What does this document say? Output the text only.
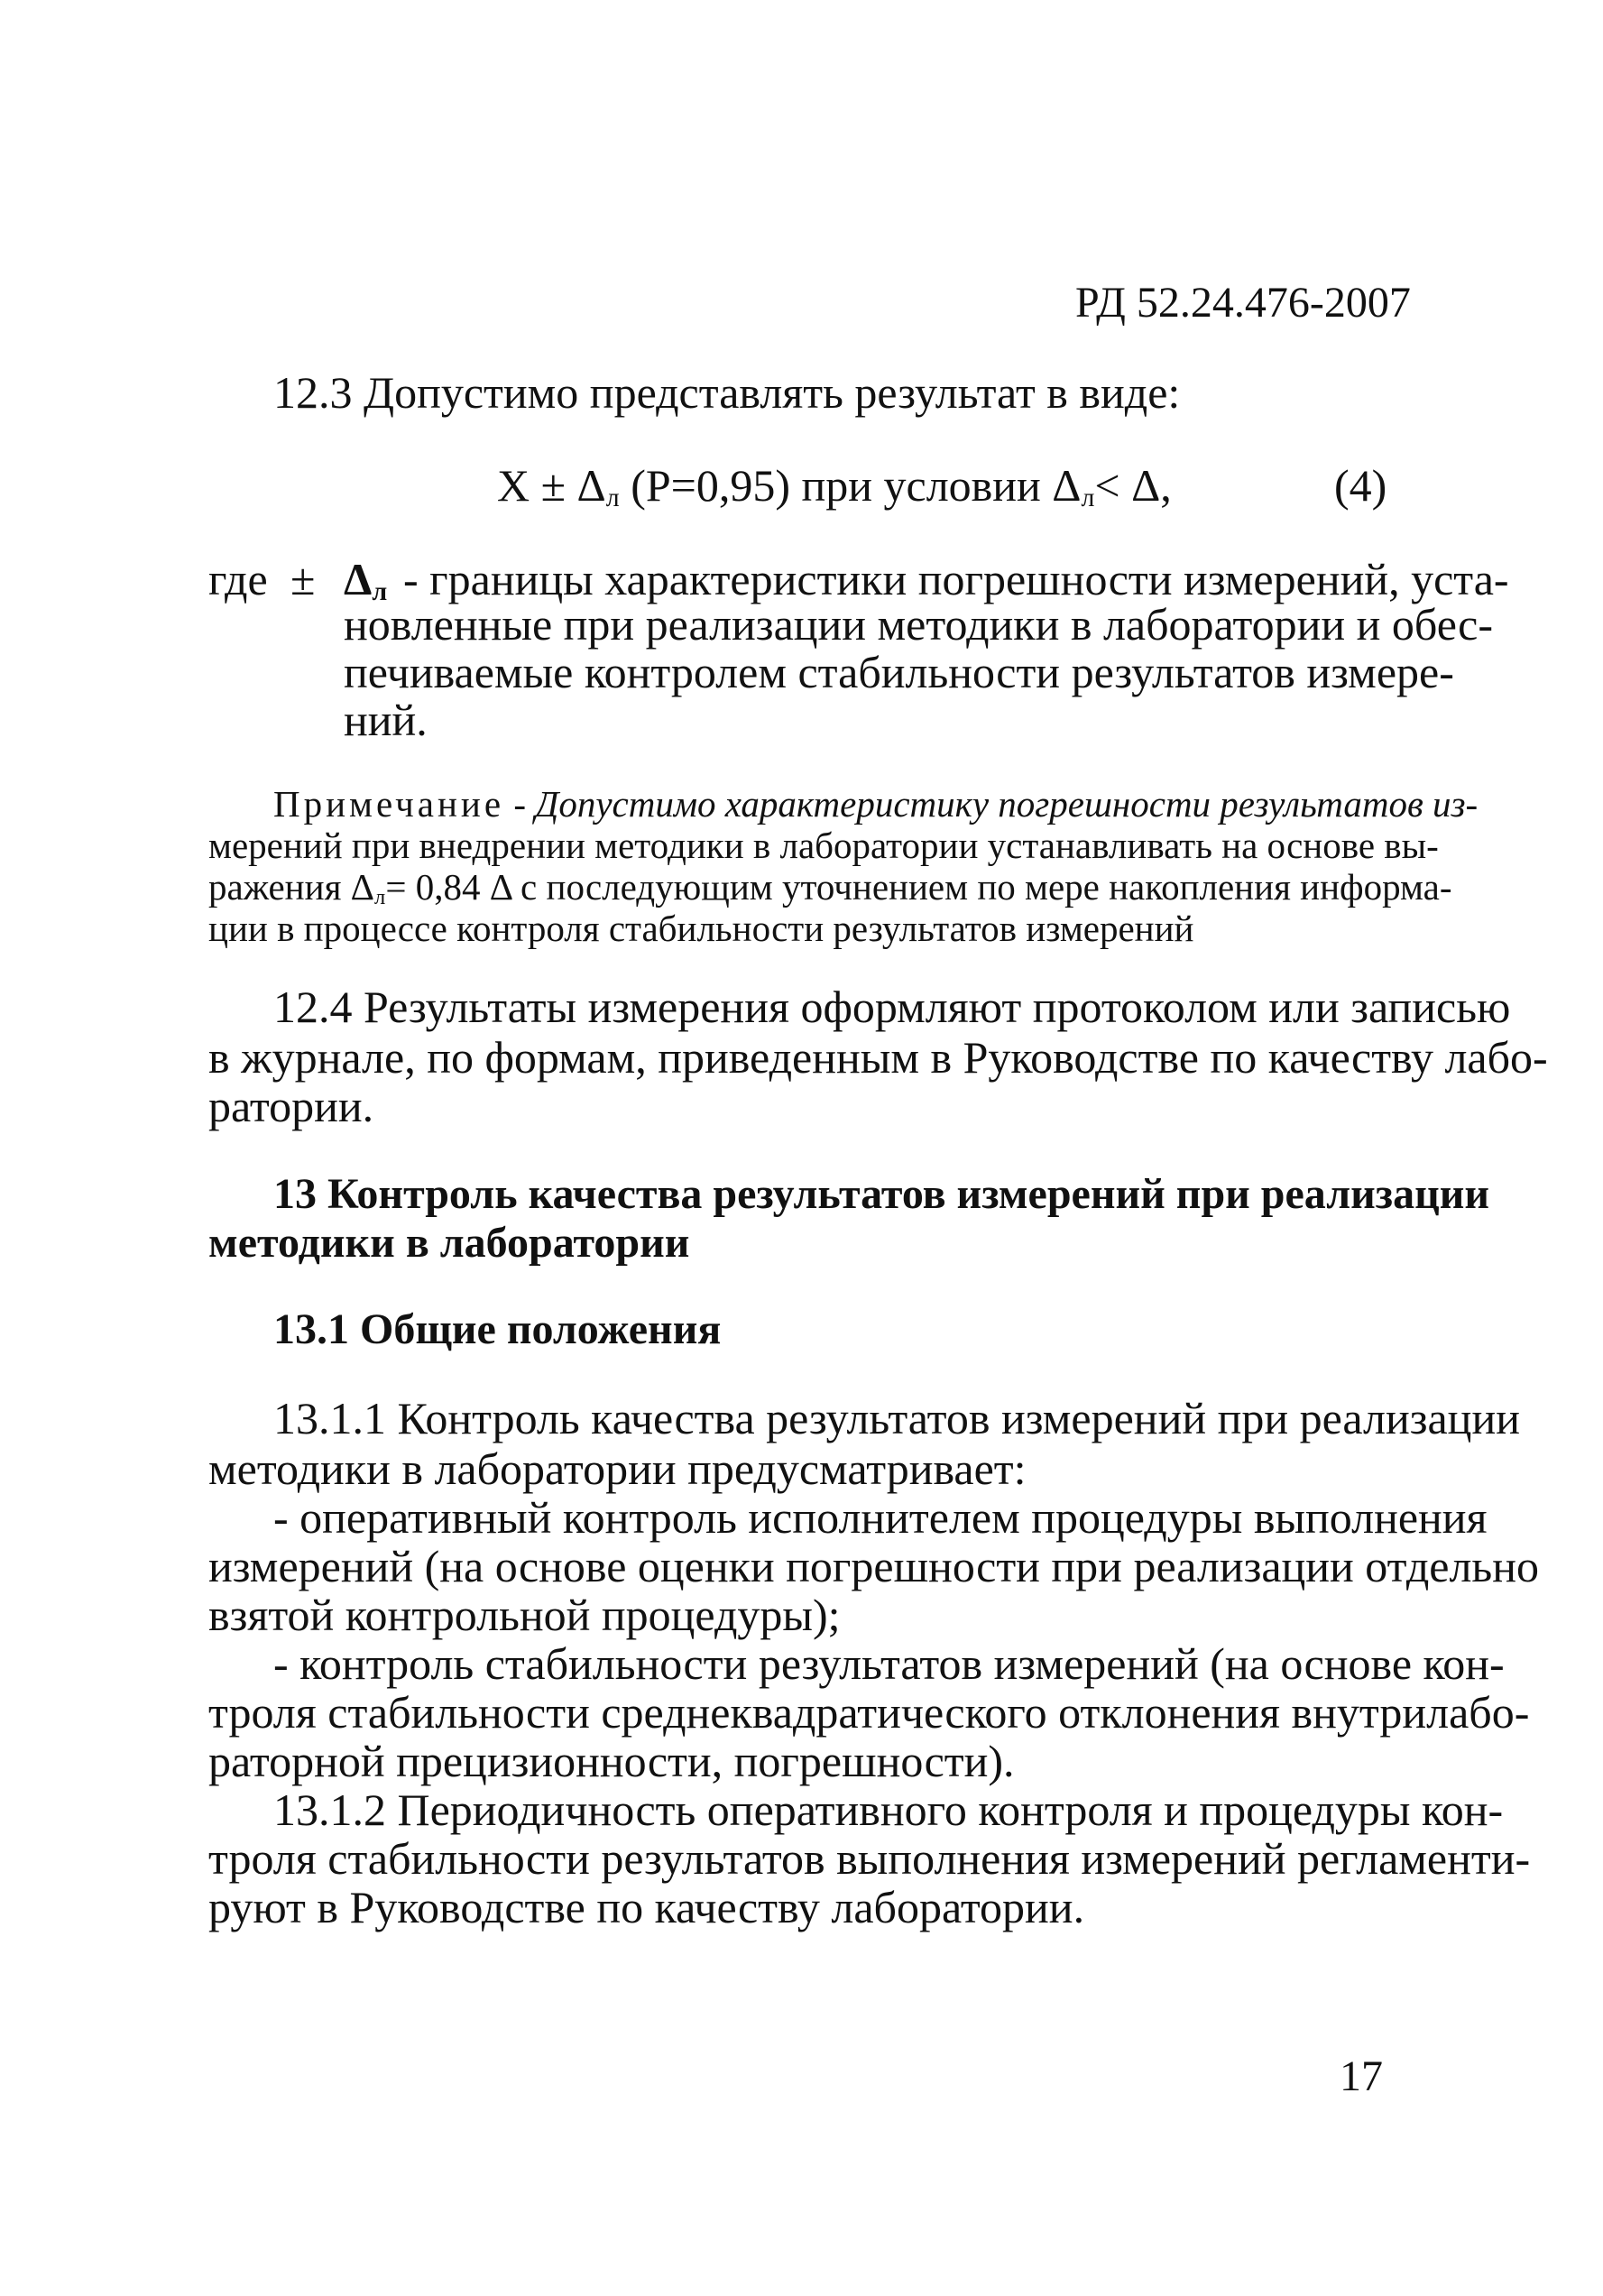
РД 52.24.476-2007
12.3 Допустимо представлять результат в виде:
$X \pm \Delta_л$ (P=0,95) при условии $\Delta_л< \Delta$,	(4)
где ± $\Delta_л$ - границы характеристики погрешности измерений, уста-
новленные при реализации методики в лаборатории и обес-
печиваемые контролем стабильности результатов измере-
ний.
Примечание - Допустимо характеристику погрешности результатов из-
мерений при внедрении методики в лаборатории устанавливать на основе вы-
ражения $\Delta_л= 0,84$ Δ с последующим уточнением по мере накопления информа-
ции в процессе контроля стабильности результатов измерений
12.4 Результаты измерения оформляют протоколом или записью
в журнале, по формам, приведенным в Руководстве по качеству лабо-
ратории.
13 Контроль качества результатов измерений при реализации
методики в лаборатории
13.1 Общие положения
13.1.1 Контроль качества результатов измерений при реализации
методики в лаборатории предусматривает:
- оперативный контроль исполнителем процедуры выполнения
измерений (на основе оценки погрешности при реализации отдельно
взятой контрольной процедуры);
- контроль стабильности результатов измерений (на основе кон-
троля стабильности среднеквадратического отклонения внутрилабо-
раторной прецизионности, погрешности).
13.1.2 Периодичность оперативного контроля и процедуры кон-
троля стабильности результатов выполнения измерений регламенти-
руют в Руководстве по качеству лаборатории.
17
